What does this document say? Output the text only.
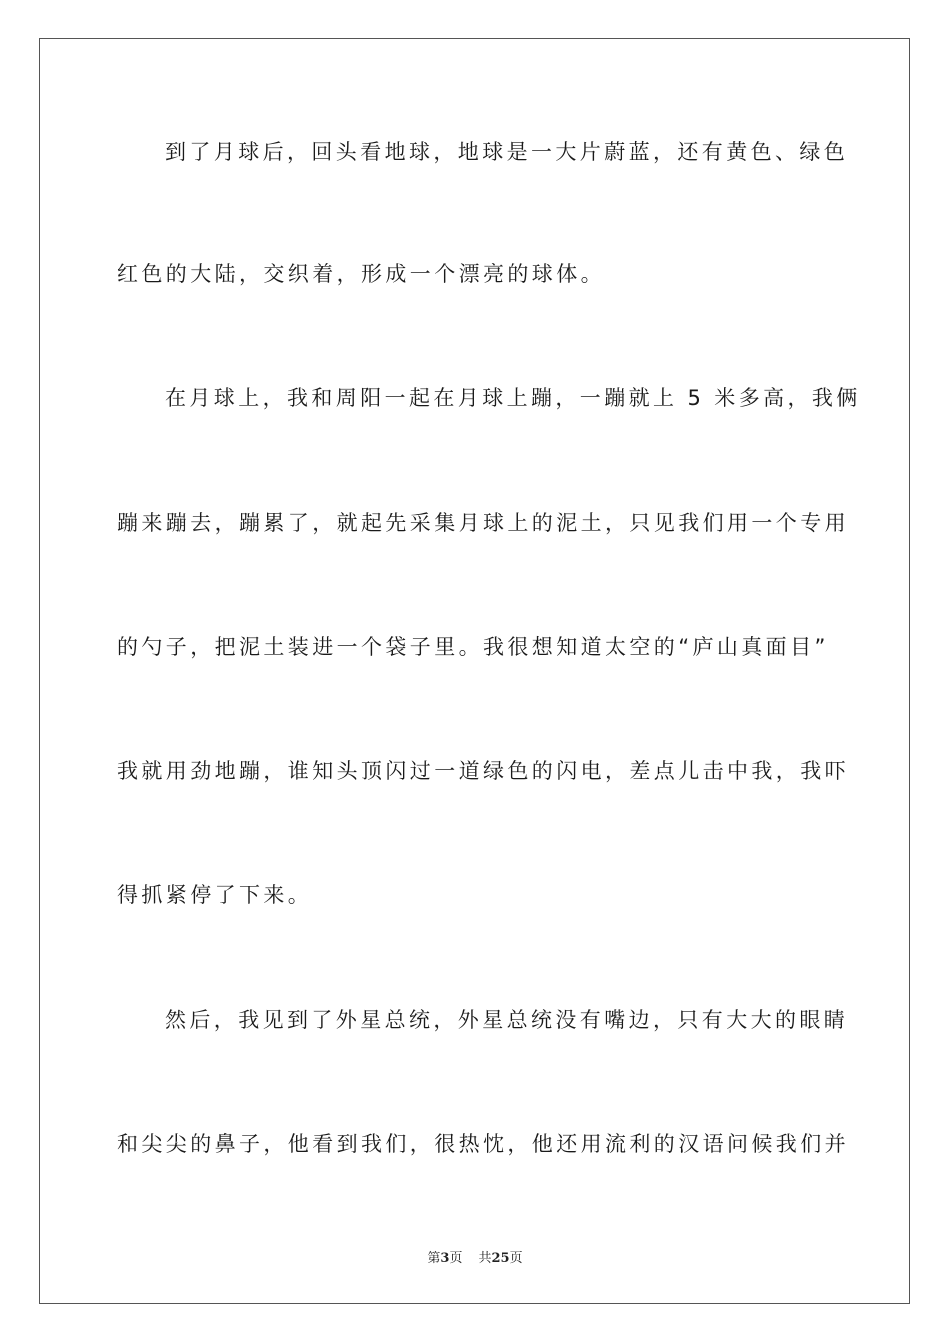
到了月球后，回头看地球，地球是一大片蔚蓝，还有黄色、绿色
红色的大陆，交织着，形成一个漂亮的球体。
在月球上，我和周阳一起在月球上蹦，一蹦就上 5 米多高，我俩
蹦来蹦去，蹦累了，就起先采集月球上的泥土，只见我们用一个专用
的勺子，把泥土装进一个袋子里。我很想知道太空的“庐山真面目”
我就用劲地蹦，谁知头顶闪过一道绿色的闪电，差点儿击中我，我吓
得抓紧停了下来。
然后，我见到了外星总统，外星总统没有嘴边，只有大大的眼睛
和尖尖的鼻子，他看到我们，很热忱，他还用流利的汉语问候我们并
第3页 共25页
